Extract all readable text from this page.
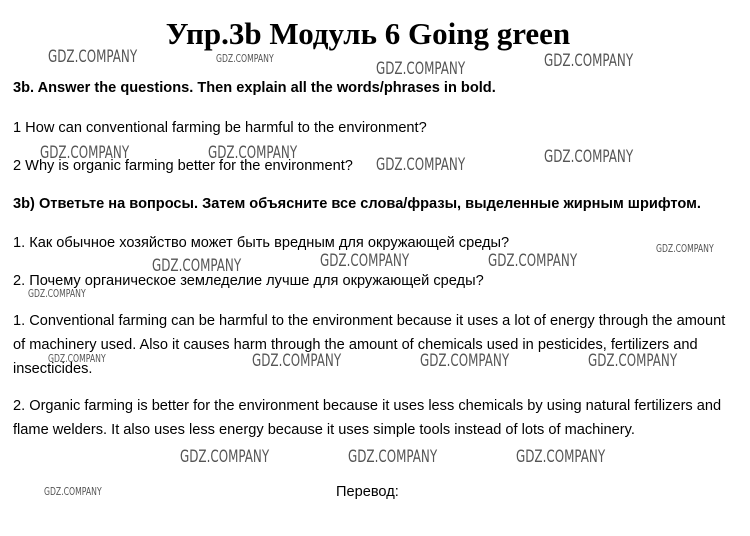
Упр.3b Модуль 6 Going green
3b. Answer the questions. Then explain all the words/phrases in bold.
1 How can conventional farming be harmful to the environment?
2 Why is organic farming better for the environment?
3b) Ответьте на вопросы. Затем объясните все слова/фразы, выделенные жирным шрифтом.
1. Как обычное хозяйство может быть вредным для окружающей среды?
2. Почему органическое земледелие лучше для окружающей среды?
1. Conventional farming can be harmful to the environment because it uses a lot of energy through the amount of machinery used. Also it causes harm through the amount of chemicals used in pesticides, fertilizers and insecticides.
2. Organic farming is better for the environment because it uses less chemicals by using natural fertilizers and flame welders. It also uses less energy because it uses simple tools instead of lots of machinery.
Перевод:
GDZ.COMPANY	GDZ.COMPANY
GDZ.COMPANY	GDZ.COMPANY
GDZ.COMPANY	GDZ.COMPANY
GDZ.COMPANY	GDZ.COMPANY
GDZ.COMPANY
GDZ.COMPANY	GDZ.COMPANY	GDZ.COMPANY
GDZ.COMPANY
GDZ.COMPANY	GDZ.COMPANY	GDZ.COMPANY	GDZ.COMPANY
GDZ.COMPANY	GDZ.COMPANY	GDZ.COMPANY
GDZ.COMPANY
